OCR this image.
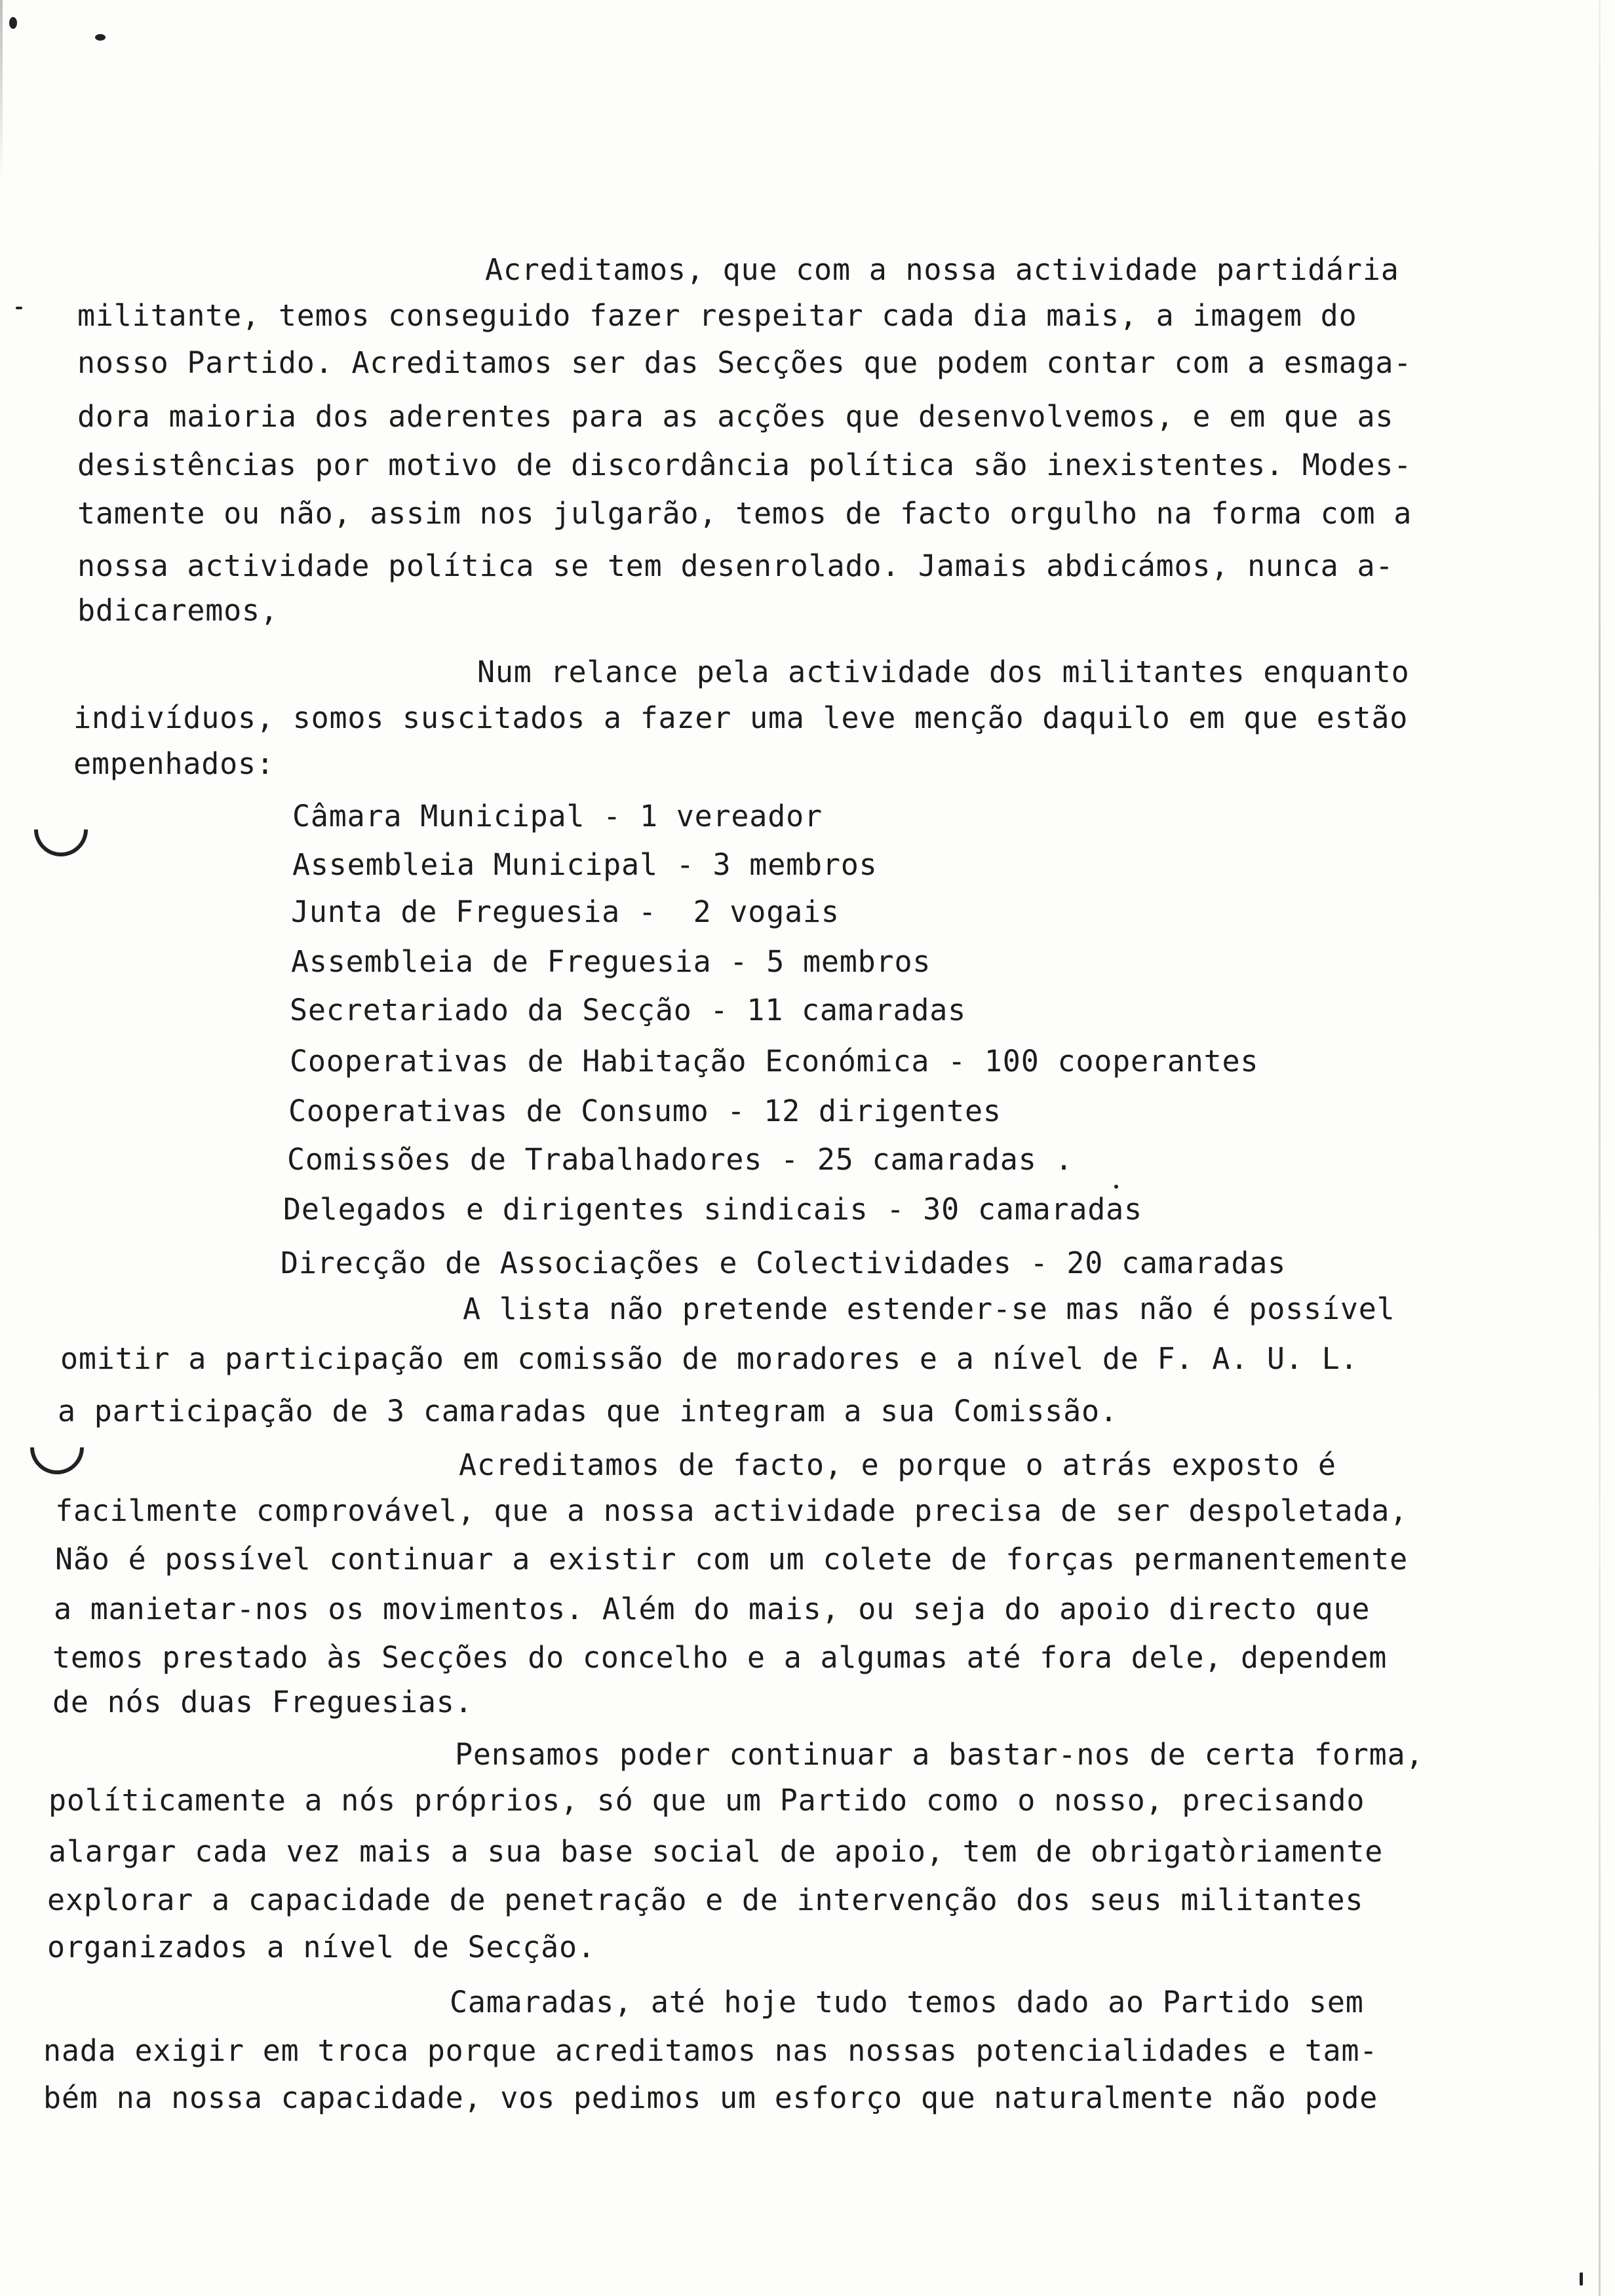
Acreditamos, que com a nossa actividade partidária
militante, temos conseguido fazer respeitar cada dia mais, a imagem do
nosso Partido. Acreditamos ser das Secções que podem contar com a esmaga-
dora maioria dos aderentes para as acções que desenvolvemos, e em que as
desistências por motivo de discordância política são inexistentes. Modes-
tamente ou não, assim nos julgarão, temos de facto orgulho na forma com a
nossa actividade política se tem desenrolado. Jamais abdicámos, nunca a-
bdicaremos,
Num relance pela actividade dos militantes enquanto
indivíduos, somos suscitados a fazer uma leve menção daquilo em que estão
empenhados:
Câmara Municipal - 1 vereador
Assembleia Municipal - 3 membros
Junta de Freguesia -  2 vogais
Assembleia de Freguesia - 5 membros
Secretariado da Secção - 11 camaradas
Cooperativas de Habitação Económica - 100 cooperantes
Cooperativas de Consumo - 12 dirigentes
Comissões de Trabalhadores - 25 camaradas .
Delegados e dirigentes sindicais - 30 camaradas
Direcção de Associações e Colectividades - 20 camaradas
A lista não pretende estender-se mas não é possível
omitir a participação em comissão de moradores e a nível de F. A. U. L.
a participação de 3 camaradas que integram a sua Comissão.
Acreditamos de facto, e porque o atrás exposto é
facilmente comprovável, que a nossa actividade precisa de ser despoletada,
Não é possível continuar a existir com um colete de forças permanentemente
a manietar-nos os movimentos. Além do mais, ou seja do apoio directo que
temos prestado às Secções do concelho e a algumas até fora dele, dependem
de nós duas Freguesias.
Pensamos poder continuar a bastar-nos de certa forma,
políticamente a nós próprios, só que um Partido como o nosso, precisando
alargar cada vez mais a sua base social de apoio, tem de obrigatòriamente
explorar a capacidade de penetração e de intervenção dos seus militantes
organizados a nível de Secção.
Camaradas, até hoje tudo temos dado ao Partido sem
nada exigir em troca porque acreditamos nas nossas potencialidades e tam-
bém na nossa capacidade, vos pedimos um esforço que naturalmente não pode
